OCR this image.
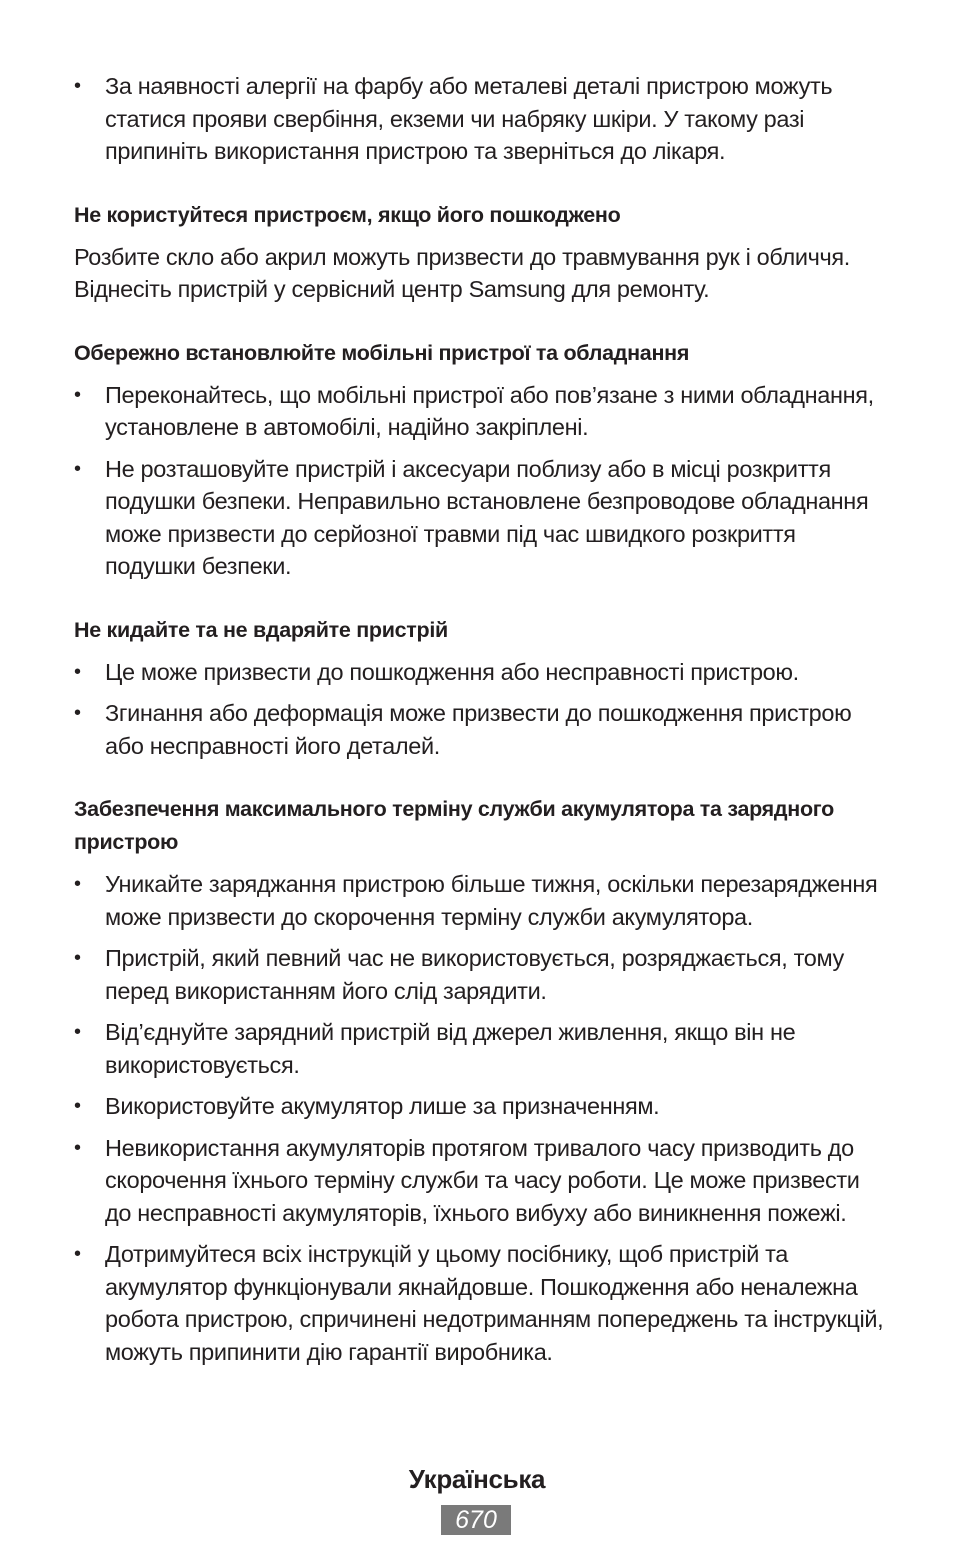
•	За наявності алергії на фарбу або металеві деталі пристрою можуть статися прояви свербіння, екземи чи набряку шкіри. У такому разі припиніть використання пристрою та зверніться до лікаря.
Не користуйтеся пристроєм, якщо його пошкоджено
Розбите скло або акрил можуть призвести до травмування рук і обличчя. Віднесіть пристрій у сервісний центр Samsung для ремонту.
Обережно встановлюйте мобільні пристрої та обладнання
•	Переконайтесь, що мобільні пристрої або пов’язане з ними обладнання, установлене в автомобілі, надійно закріплені.
•	Не розташовуйте пристрій і аксесуари поблизу або в місці розкриття подушки безпеки. Неправильно встановлене безпроводове обладнання може призвести до серйозної травми під час швидкого розкриття подушки безпеки.
Не кидайте та не вдаряйте пристрій
•	Це може призвести до пошкодження або несправності пристрою.
•	Згинання або деформація може призвести до пошкодження пристрою або несправності його деталей.
Забезпечення максимального терміну служби акумулятора та зарядного пристрою
•	Уникайте заряджання пристрою більше тижня, оскільки перезарядження може призвести до скорочення терміну служби акумулятора.
•	Пристрій, який певний час не використовується, розряджається, тому перед використанням його слід зарядити.
•	Від’єднуйте зарядний пристрій від джерел живлення, якщо він не використовується.
•	Використовуйте акумулятор лише за призначенням.
•	Невикористання акумуляторів протягом тривалого часу призводить до скорочення їхнього терміну служби та часу роботи. Це може призвести до несправності акумуляторів, їхнього вибуху або виникнення пожежі.
•	Дотримуйтеся всіх інструкцій у цьому посібнику, щоб пристрій та акумулятор функціонували якнайдовше. Пошкодження або неналежна робота пристрою, спричинені недотриманням попереджень та інструкцій, можуть припинити дію гарантії виробника.
Українська
670
